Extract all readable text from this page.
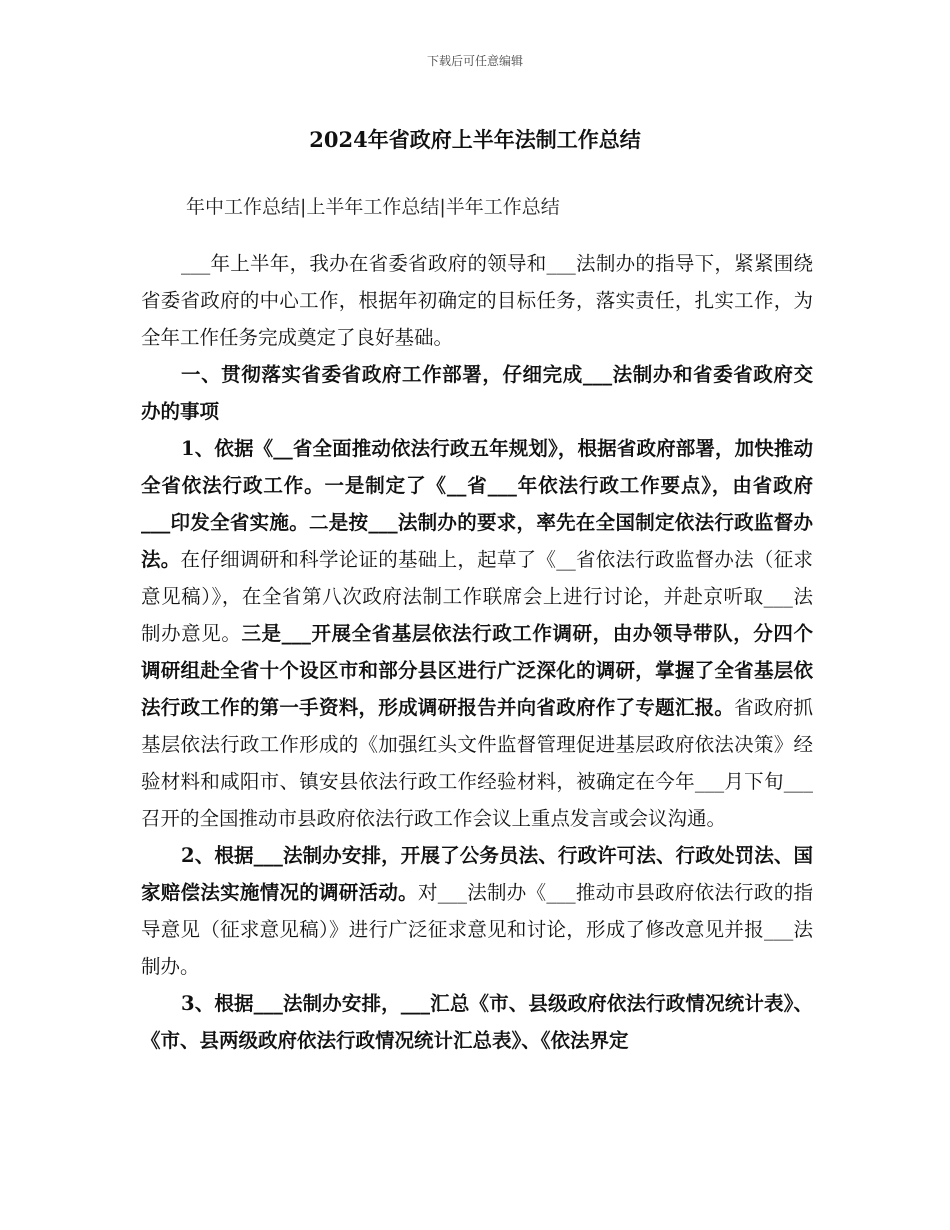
下载后可任意编辑
2024年省政府上半年法制工作总结

年中工作总结|上半年工作总结|半年工作总结

___年上半年，我办在省委省政府的领导和___法制办的指导下，紧紧围绕省委省政府的中心工作，根据年初确定的目标任务，落实责任，扎实工作，为全年工作任务完成奠定了良好基础。

一、贯彻落实省委省政府工作部署，仔细完成___法制办和省委省政府交办的事项

1、依据《__省全面推动依法行政五年规划》，根据省政府部署，加快推动全省依法行政工作。一是制定了《__省___年依法行政工作要点》，由省政府___印发全省实施。二是按___法制办的要求，率先在全国制定依法行政监督办法。在仔细调研和科学论证的基础上，起草了《__省依法行政监督办法（征求意见稿）》，在全省第八次政府法制工作联席会上进行讨论，并赴京听取___法制办意见。三是___开展全省基层依法行政工作调研，由办领导带队，分四个调研组赴全省十个设区市和部分县区进行广泛深化的调研，掌握了全省基层依法行政工作的第一手资料，形成调研报告并向省政府作了专题汇报。省政府抓基层依法行政工作形成的《加强红头文件监督管理促进基层政府依法决策》经验材料和咸阳市、镇安县依法行政工作经验材料，被确定在今年___月下旬___召开的全国推动市县政府依法行政工作会议上重点发言或会议沟通。

2、根据___法制办安排，开展了公务员法、行政许可法、行政处罚法、国家赔偿法实施情况的调研活动。对___法制办《___推动市县政府依法行政的指导意见（征求意见稿）》进行广泛征求意见和讨论，形成了修改意见并报___法制办。

3、根据___法制办安排，___汇总《市、县级政府依法行政情况统计表》、《市、县两级政府依法行政情况统计汇总表》、《依法界定
